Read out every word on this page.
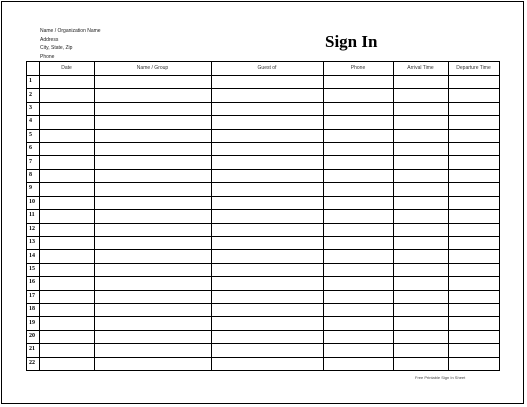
Name / Organization Name
Address
City, State, Zip
Phone
Sign In
Date	Name / Group	Guest of	Phone	Arrival Time	Departure Time
1
2
3
4
5
6
7
8
9
10
11
12
13
14
15
16
17
18
19
20
21
22
Free Printable Sign In Sheet
